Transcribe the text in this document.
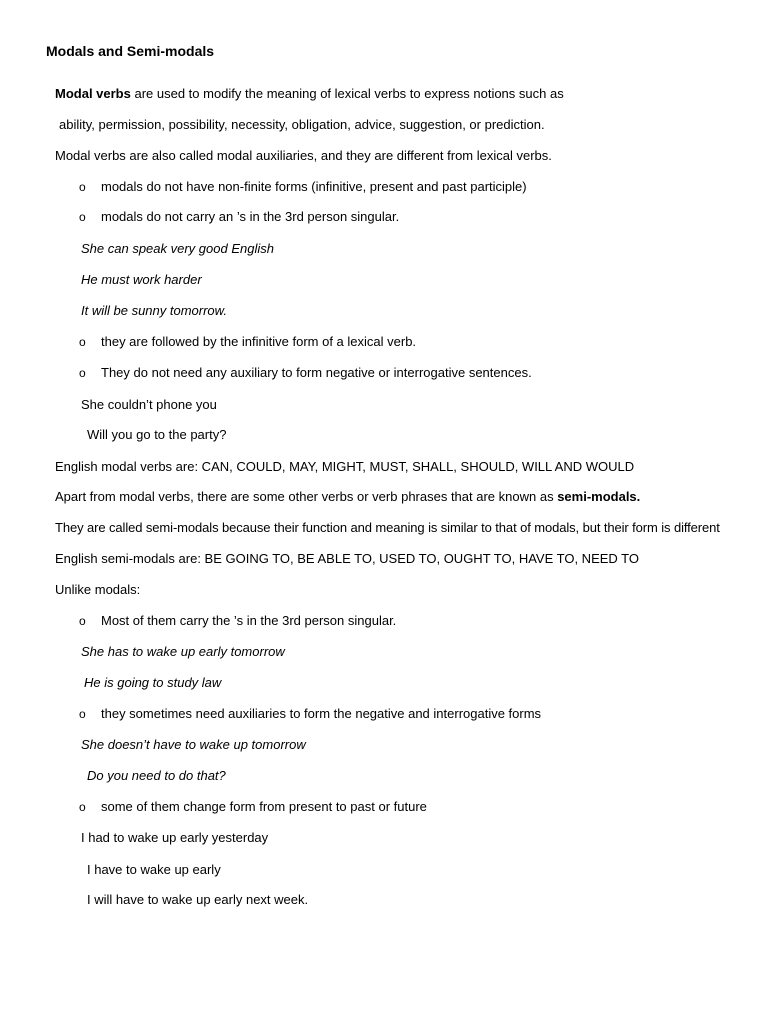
Modals and Semi-modals
Modal verbs are used to modify the meaning of lexical verbs to express notions such as
ability, permission, possibility, necessity, obligation, advice, suggestion, or prediction.
Modal verbs are also called modal auxiliaries, and they are different from lexical verbs.
o modals do not have non-finite forms (infinitive, present and past participle)
o modals do not carry an ’s in the 3rd person singular.
She can speak very good English
He must work harder
It will be sunny tomorrow.
o they are followed by the infinitive form of a lexical verb.
o They do not need any auxiliary to form negative or interrogative sentences.
She couldn’t phone you
Will you go to the party?
English modal verbs are: CAN, COULD, MAY, MIGHT, MUST, SHALL, SHOULD, WILL AND WOULD
Apart from modal verbs, there are some other verbs or verb phrases that are known as semi-modals.
They are called semi-modals because their function and meaning is similar to that of modals, but their form is different
English semi-modals are: BE GOING TO, BE ABLE TO, USED TO, OUGHT TO, HAVE TO, NEED TO
Unlike modals:
o Most of them carry the ’s in the 3rd person singular.
She has to wake up early tomorrow
He is going to study law
o they sometimes need auxiliaries to form the negative and interrogative forms
She doesn’t have to wake up tomorrow
Do you need to do that?
o some of them change form from present to past or future
I had to wake up early yesterday
I have to wake up early
I will have to wake up early next week.
